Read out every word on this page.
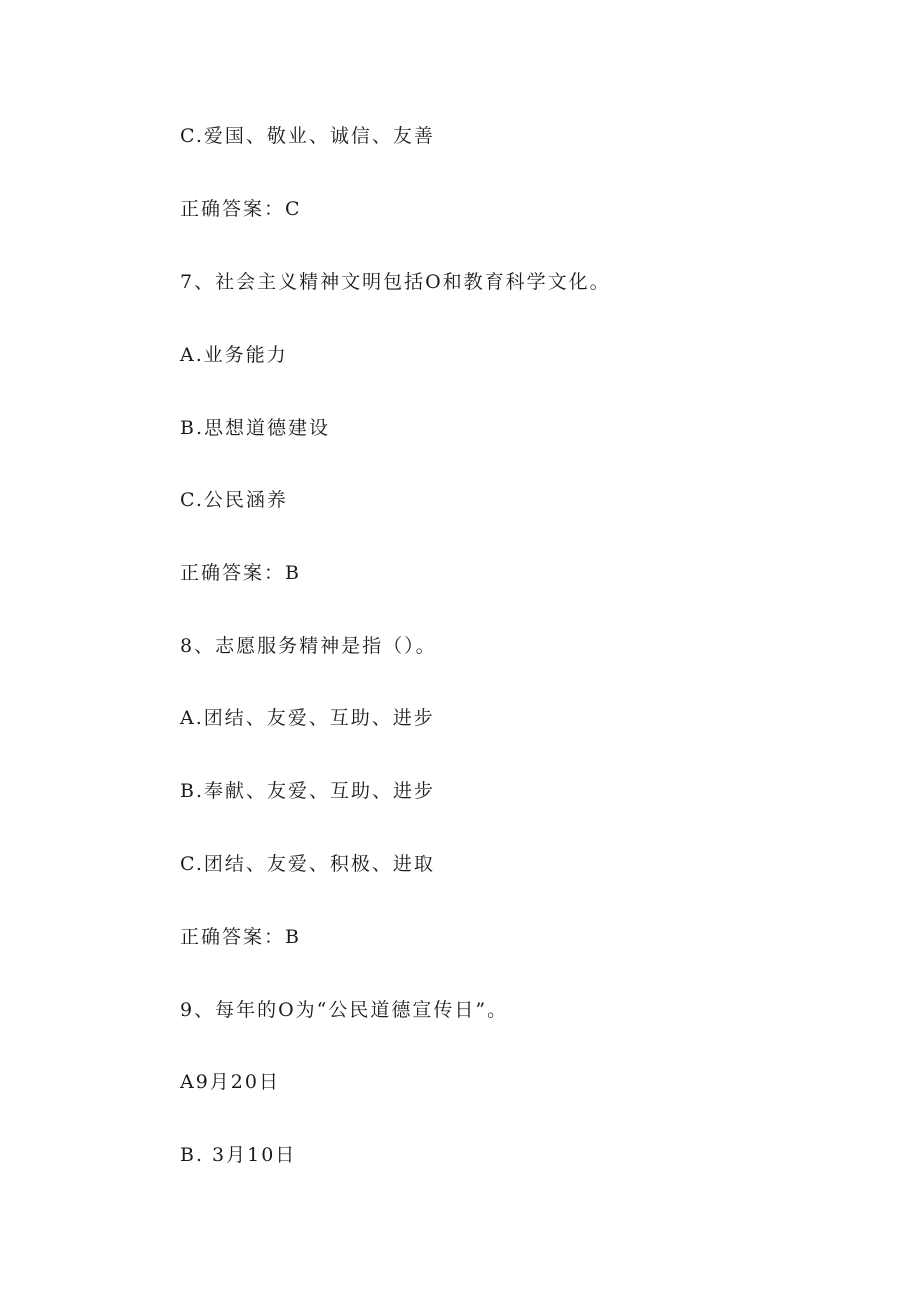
C.爱国、敬业、诚信、友善
正确答案：C
7、社会主义精神文明包括O和教育科学文化。
A.业务能力
B.思想道德建设
C.公民涵养
正确答案：B
8、志愿服务精神是指（）。
A.团结、友爱、互助、进步
B.奉献、友爱、互助、进步
C.团结、友爱、积极、进取
正确答案：B
9、每年的O为“公民道德宣传日”。
A9月20日
B. 3月10日
